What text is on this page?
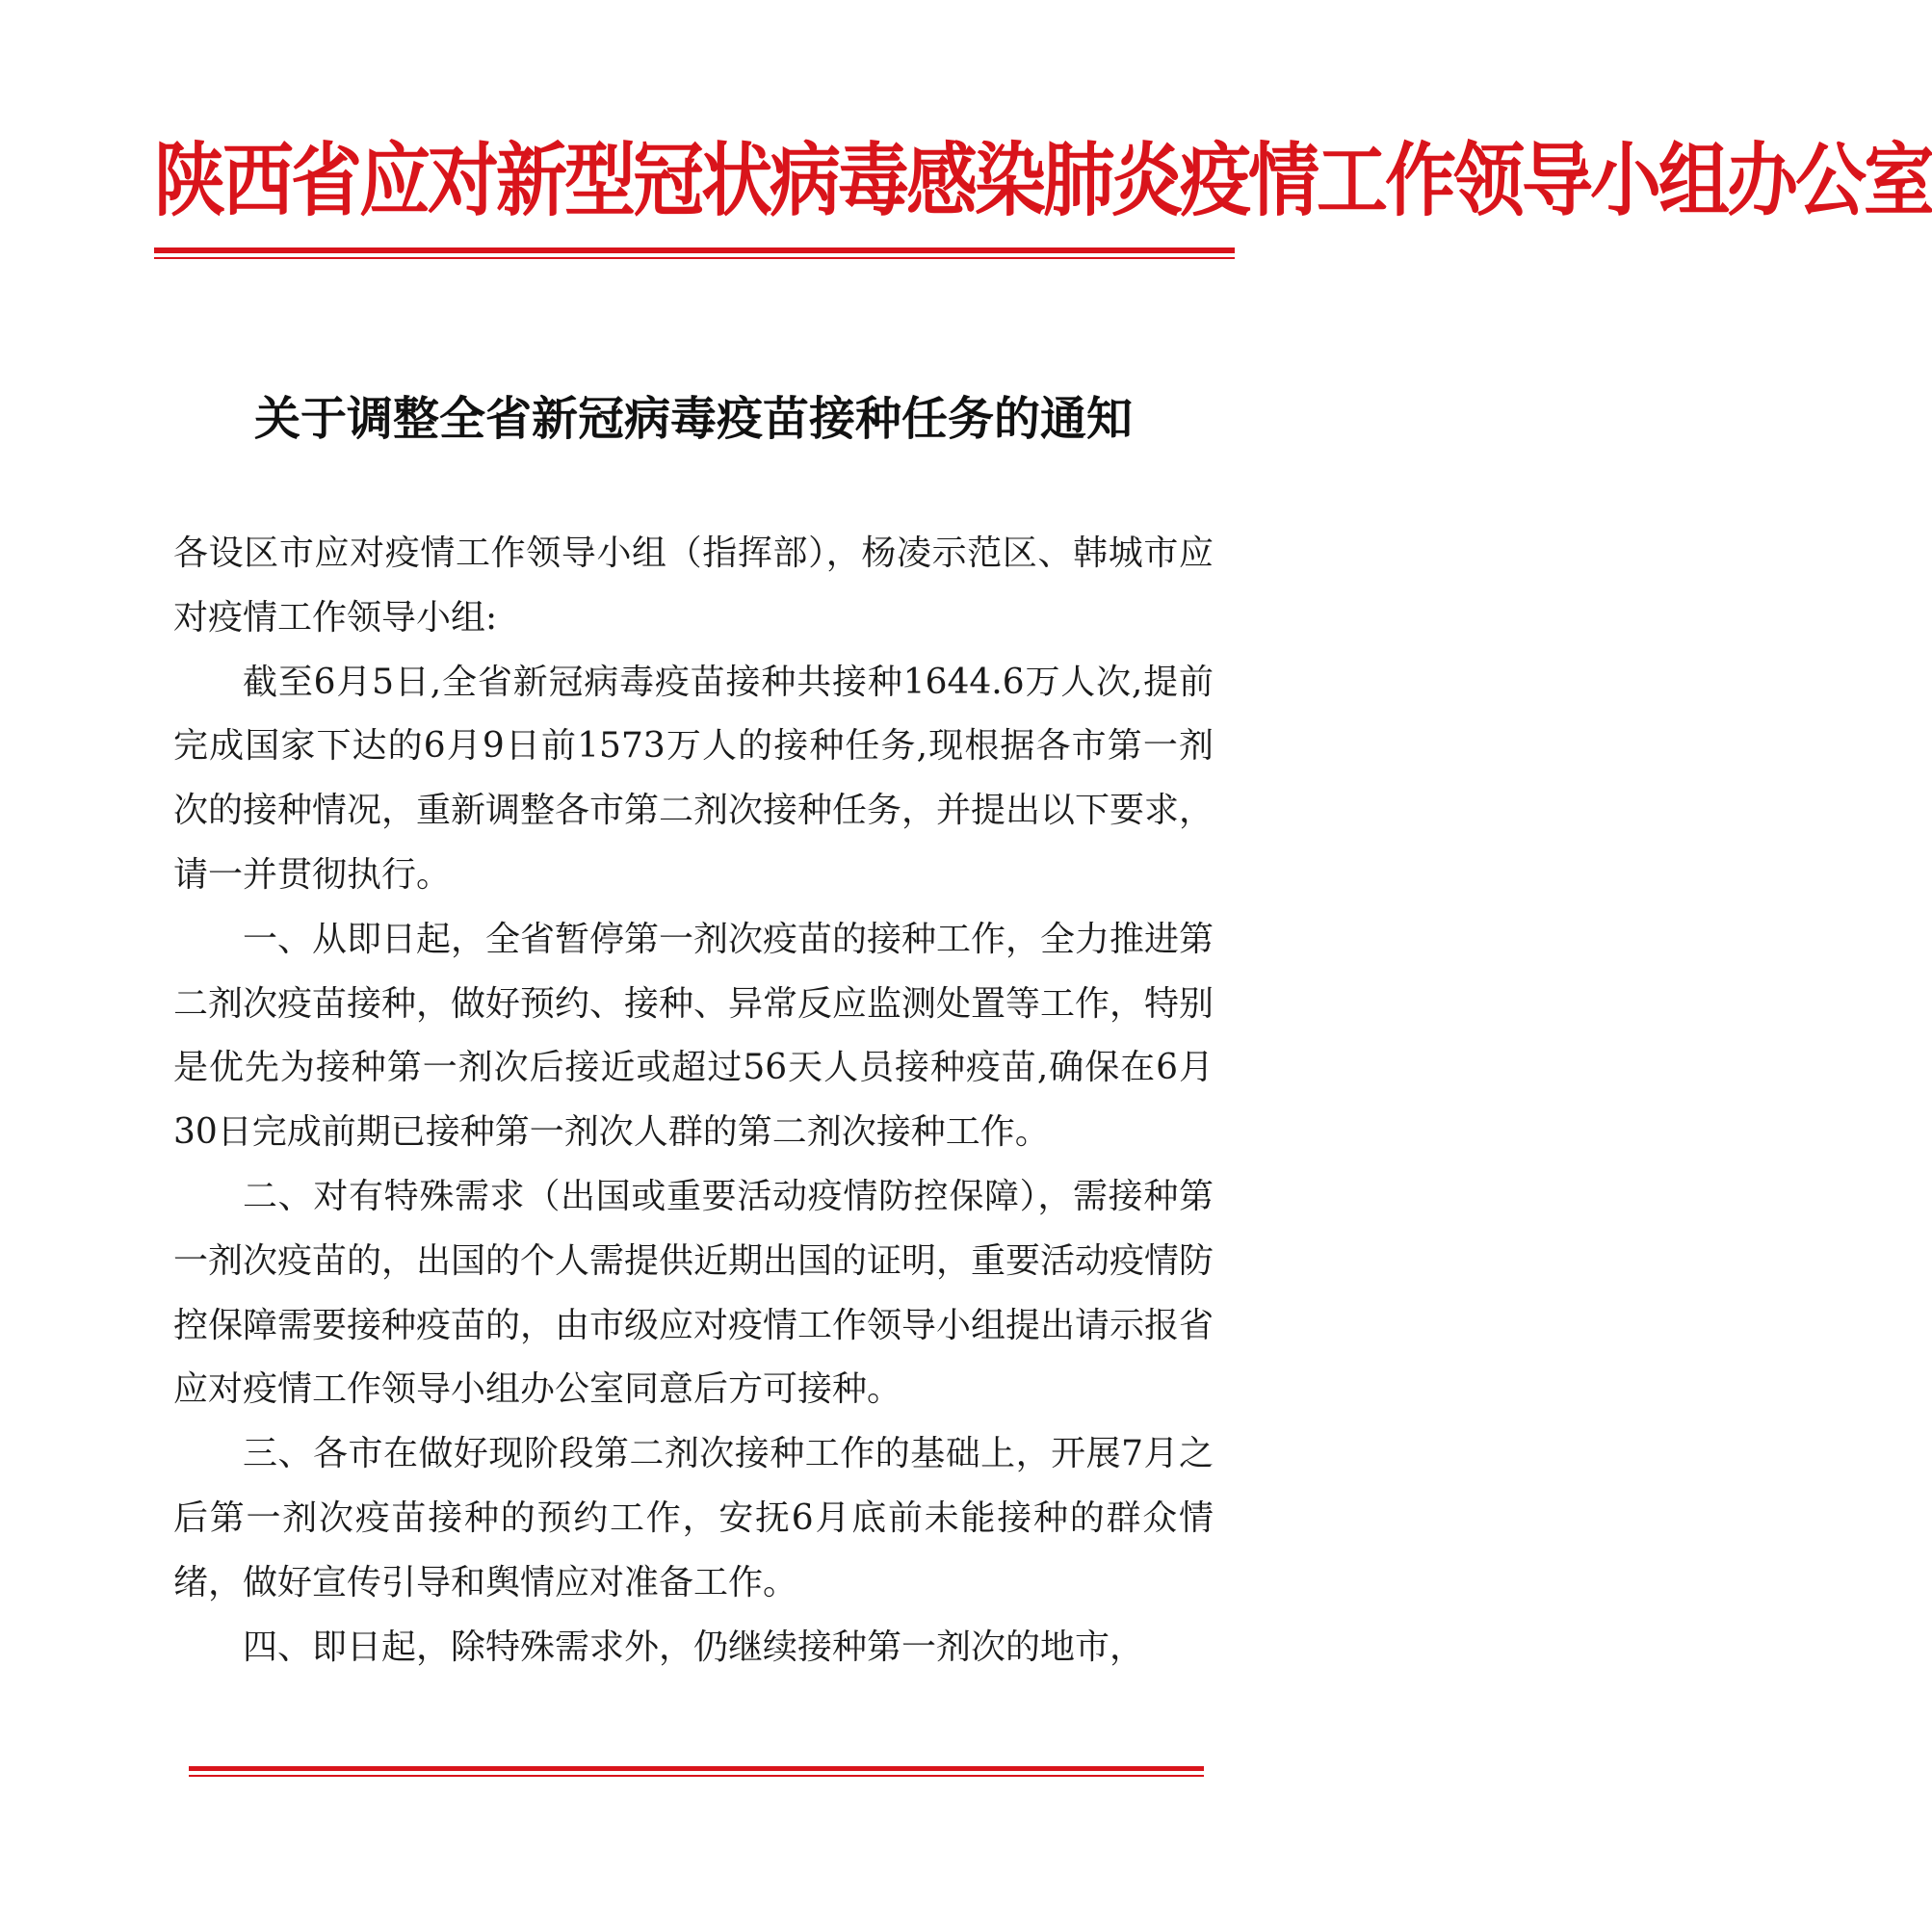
陕西省应对新型冠状病毒感染肺炎疫情工作领导小组办公室
关于调整全省新冠病毒疫苗接种任务的通知

各设区市应对疫情工作领导小组（指挥部），杨凌示范区、韩城市应对疫情工作领导小组:

截至6月5日,全省新冠病毒疫苗接种共接种1644.6万人次,提前完成国家下达的6月9日前1573万人的接种任务,现根据各市第一剂次的接种情况，重新调整各市第二剂次接种任务，并提出以下要求，请一并贯彻执行。

一、从即日起，全省暂停第一剂次疫苗的接种工作，全力推进第二剂次疫苗接种，做好预约、接种、异常反应监测处置等工作，特别是优先为接种第一剂次后接近或超过56天人员接种疫苗,确保在6月30日完成前期已接种第一剂次人群的第二剂次接种工作。

二、对有特殊需求（出国或重要活动疫情防控保障），需接种第一剂次疫苗的，出国的个人需提供近期出国的证明，重要活动疫情防控保障需要接种疫苗的，由市级应对疫情工作领导小组提出请示报省应对疫情工作领导小组办公室同意后方可接种。

三、各市在做好现阶段第二剂次接种工作的基础上，开展7月之后第一剂次疫苗接种的预约工作，安抚6月底前未能接种的群众情绪，做好宣传引导和舆情应对准备工作。

四、即日起，除特殊需求外，仍继续接种第一剂次的地市，
